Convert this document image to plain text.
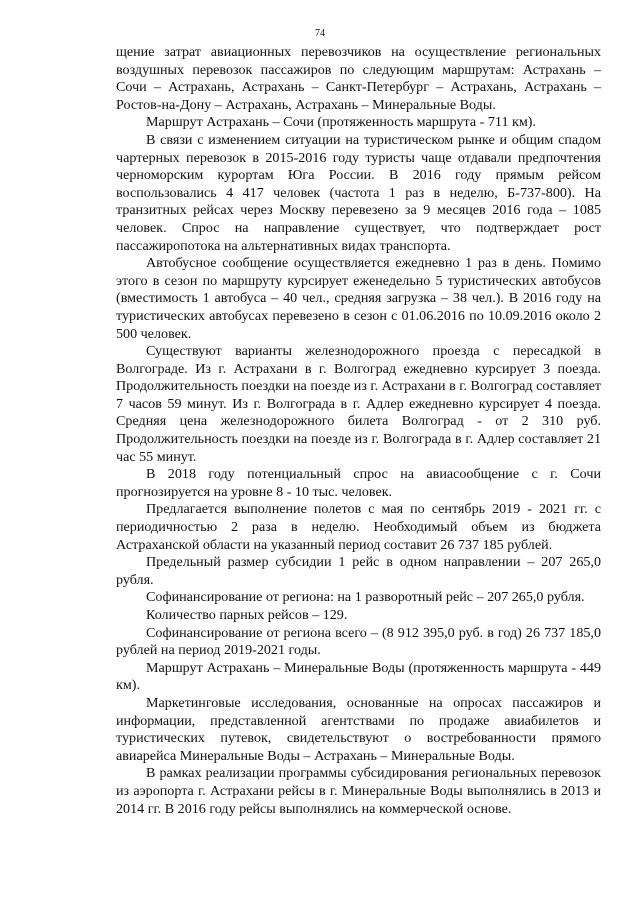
74

щение затрат авиационных перевозчиков на осуществление региональных воздушных перевозок пассажиров по следующим маршрутам: Астрахань – Сочи – Астрахань, Астрахань – Санкт-Петербург – Астрахань, Астрахань – Ростов-на-Дону – Астрахань, Астрахань – Минеральные Воды.

Маршрут Астрахань – Сочи (протяженность маршрута - 711 км).

В связи с изменением ситуации на туристическом рынке и общим спадом чартерных перевозок в 2015-2016 году туристы чаще отдавали предпочтения черноморским курортам Юга России. В 2016 году прямым рейсом воспользовались 4 417 человек (частота 1 раз в неделю, Б-737-800). На транзитных рейсах через Москву перевезено за 9 месяцев 2016 года – 1085 человек. Спрос на направление существует, что подтверждает рост пассажиропотока на альтернативных видах транспорта.

Автобусное сообщение осуществляется ежедневно 1 раз в день. Помимо этого в сезон по маршруту курсирует еженедельно 5 туристических автобусов (вместимость 1 автобуса – 40 чел., средняя загрузка – 38 чел.). В 2016 году на туристических автобусах перевезено в сезон с 01.06.2016 по 10.09.2016 около 2 500 человек.

Существуют варианты железнодорожного проезда с пересадкой в Волгограде. Из г. Астрахани в г. Волгоград ежедневно курсирует 3 поезда. Продолжительность поездки на поезде из г. Астрахани в г. Волгоград составляет 7 часов 59 минут. Из г. Волгограда в г. Адлер ежедневно курсирует 4 поезда. Средняя цена железнодорожного билета Волгоград - от 2 310 руб. Продолжительность поездки на поезде из г. Волгограда в г. Адлер составляет 21 час 55 минут.

В 2018 году потенциальный спрос на авиасообщение с г. Сочи прогнозируется на уровне 8 - 10 тыс. человек.

Предлагается выполнение полетов с мая по сентябрь 2019 - 2021 гг. с периодичностью 2 раза в неделю. Необходимый объем из бюджета Астраханской области на указанный период составит 26 737 185 рублей.

Предельный размер субсидии 1 рейс в одном направлении – 207 265,0 рубля.

Софинансирование от региона: на 1 разворотный рейс – 207 265,0 рубля.

Количество парных рейсов – 129.

Софинансирование от региона всего – (8 912 395,0 руб. в год) 26 737 185,0 рублей на период 2019-2021 годы.

Маршрут Астрахань – Минеральные Воды (протяженность маршрута - 449 км).

Маркетинговые исследования, основанные на опросах пассажиров и информации, представленной агентствами по продаже авиабилетов и туристических путевок, свидетельствуют о востребованности прямого авиарейса Минеральные Воды – Астрахань – Минеральные Воды.

В рамках реализации программы субсидирования региональных перевозок из аэропорта г. Астрахани рейсы в г. Минеральные Воды выполнялись в 2013 и 2014 гг. В 2016 году рейсы выполнялись на коммерческой основе.
